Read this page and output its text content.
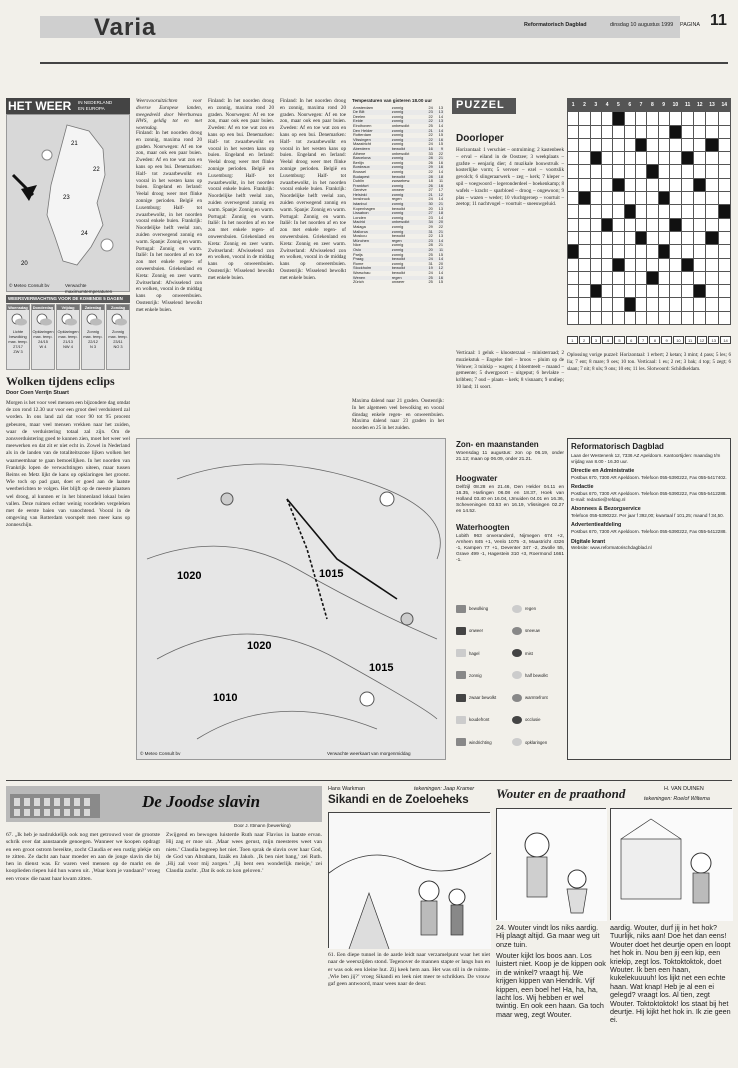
Varia	Reformatorisch Dagblad	dinsdag 10 augustus 1999 PAGINA 11
HET WEER IN NEDERLAND
EN EUROPA
21
22
23
24
20
© Meteo Consult bv	Verwachte maximumtemperaturen
WEERSVERWACHTING VOOR DE KOMENDE 5 DAGEN
Woensdag
Lichte bewolking
max. temp. 27/17
ZW 3
Donderdag
Opklaringen
max. temp. 24/15
W 4
Vrijdag
Opklaringen
max. temp. 21/13
NW 4
Zaterdag
Zonnig
max. temp. 22/12
N 3
Zondag
Zonnig
max. temp. 23/11
NO 3
Wolken tijdens eclips
Door Coen Verrijn Stuart
Morgen is het voor veel mensen een bijzondere dag omdat de zon rond 12.30 uur voor een groot deel verduisterd zal worden. In ons land zal dat voor 90 tot 95 procent gebeuren, maar veel mensen vrekken naar het zuiden, waar de verduistering totaal zal zijn. Om de zonsverduistering goed te kunnen zien, moet het weer wel meewerken en dat zit er niet echt in. Zowel in Nederland als in de landen van de totaliteitszone lijken wolken het waarneembaar te gaan bemoeilijken. In het noorden van Frankrijk lopen de verwachtingen uiteen, maar tussen Reims en Metz lijkt de kans op opklaringen het grootst. Wie toch op pad gaat, doet er goed aan de laatste weerberichten te volgen. Het blijft op de meeste plaatsen wel droog, al kunnen er in het binnenland lokaal buien vallen. Deze ruimen echter weinig voordelen vergeleken met de eerste baien van vanochtend. Vooral in de omgeving van Rotterdam voorspelt men meer kans op zonneschijn.
Weersvooruitzichten voor diverse Europese landen, meegedeeld door Weerbureau HWS, geldig tot en met woensdag.
Finland: In het noorden droog en zonnig, maxima rond 20 graden. Noorwegen: Af en toe zon, maar ook een paar buien. Zweden: Af en toe wat zon en kans op een bui. Denemarken: Half- tot zwaarbewolkt en vooral in het westen kans op buien. Engeland en Ierland: Veelal droog weer met flinke zonnige perioden. België en Luxemburg: Half- tot zwaarbewolkt, in het noorden vooral enkele buien. Frankrijk: Noordelijke helft veelal zon, zuiden overwegend zonnig en warm. Spanje: Zonnig en warm. Portugal: Zonnig en warm. Italië: In het noorden af en toe zon met enkele regen- of onweersbuien. Griekenland en Kreta: Zonnig en zeer warm. Zwitserland: Afwisselend zon en wolken, vooral in de middag kans op onweersbuien. Oostenrijk: Wisselend bewolkt met enkele buien.
Finland: In het noorden droog en zonnig, maxima rond 20 graden. Noorwegen: Af en toe zon, maar ook een paar buien. Zweden: Af en toe wat zon en kans op een bui. Denemarken: Half- tot zwaarbewolkt en vooral in het westen kans op buien. Engeland en Ierland: Veelal droog weer met flinke zonnige perioden. België en Luxemburg: Half- tot zwaarbewolkt, in het noorden vooral enkele buien. Frankrijk: Noordelijke helft veelal zon, zuiden overwegend zonnig en warm. Spanje: Zonnig en warm. Portugal: Zonnig en warm. Italië: In het noorden af en toe zon met enkele regen- of onweersbuien. Griekenland en Kreta: Zonnig en zeer warm. Zwitserland: Afwisselend zon en wolken, vooral in de middag kans op onweersbuien. Oostenrijk: Wisselend bewolkt met enkele buien.
Finland: In het noorden droog en zonnig, maxima rond 20 graden. Noorwegen: Af en toe zon, maar ook een paar buien. Zweden: Af en toe wat zon en kans op een bui. Denemarken: Half- tot zwaarbewolkt en vooral in het westen kans op buien. Engeland en Ierland: Veelal droog weer met flinke zonnige perioden. België en Luxemburg: Half- tot zwaarbewolkt, in het noorden vooral enkele buien. Frankrijk: Noordelijke helft veelal zon, zuiden overwegend zonnig en warm. Spanje: Zonnig en warm. Portugal: Zonnig en warm. Italië: In het noorden af en toe zon met enkele regen- of onweersbuien. Griekenland en Kreta: Zonnig en zeer warm. Zwitserland: Afwisselend zon en wolken, vooral in de middag kans op onweersbuien. Oostenrijk: Wisselend bewolkt met enkele buien.
Temperaturen van gisteren 18.00 uur
Amsterdam	zonnig	24	13
De Bilt	zonnig	23	13
Deelen	zonnig	22	14
Eelde	zonnig	22	13
Eindhoven	onbewolkt	25	14
Den Helder	zonnig	21	14
Rotterdam	zonnig	22	15
Vlissingen	zonnig	22	16
Maastricht	zonnig	24	15
Aberdeen	bewolkt	16	9
Athene	onbewolkt	33	22
Barcelona	zonnig	28	21
Berlijn	zonnig	26	16
Bordeaux	zonnig	29	16
Brussel	zonnig	22	14
Budapest	bewolkt	28	18
Dublin	zwaarbew.	18	11
Frankfurt	zonnig	26	16
Genève	onweer	27	17
Helsinki	zonnig	21	12
Innsbruck	regen	24	14
Istanbul	zonnig	30	21
Kopenhagen	bewolkt	20	13
Lissabon	zonnig	27	18
Londen	zonnig	23	14
Madrid	onbewolkt	34	20
Malaga	zonnig	29	22
Mallorca	zonnig	31	21
Moskou	bewolkt	22	13
München	regen	23	14
Nice	zonnig	28	21
Oslo	zonnig	20	11
Parijs	zonnig	25	15
Praag	bewolkt	24	14
Rome	zonnig	31	20
Stockholm	bewolkt	19	12
Warschau	bewolkt	24	14
Wenen	regen	25	16
Zürich	onweer	25	15
Maxima dalend naar 21 graden. Oostenrijk: In het algemeen veel bewolking en vooral dinsdag enkele regen- en onweersbuien. Maxima dalend naar 23 graden in het noorden en 25 in het zuiden.
1020
1020
1015
1015
1010
© Meteo Consult bv	Verwachte weerkaart van morgenmiddag
PUZZEL
Doorloper
Horizontaal: 1 verschiet – ontruiming; 2 kastenbeek – erval – eiland in de Oostzee; 3 weekplaats – grafste – eenjarig dier; 4 muzikale bouwstruik – kosterlijke vorm; 5 vervoer – ezel – voortslik gevolch; 6 slingeraarwerk – zeg – kerk; 7 kleper – spil – voegwoord – legeronderdeel – boekenkamp; 8 wafels – kracht – sparbloed – droog – ongewoon; 9 plas – wazen – weder; 10 vluchtgeroep – voortuit – zeetop; 11 nachtvogel – voortuit – sneeuwgeluid.
Verticaal: 1 geluk – kloosterzaal – ministerraad; 2 muziekstuk – Engelse titel – broos – pluim op de Veluwe; 3 tuinkip – wagen; 4 bloemteelt – maand – gemeente; 5 dwergpoort – uitgeput; 6 bevlakte – kribben; 7 oud – plaats – kerk; 8 visnaam; 9 ondiep; 10 land; 11 soort.
1	2	3	4	5	6	7	8	9	10	11	12	13	14

1	2	3	4	5	6	7	8	9	10	11	12	13	14
Oplossing vorige puzzel: Horizontaal: 1 erbert; 2 ketan; 3 mint; 4 pass; 5 les; 6 lia; 7 ent; 8 mare; 9 oes; 10 ton. Verticaal: 1 eu; 2 ret; 3 bak; 4 top; 5 zegt; 6 slaan; 7 nit; 8 uls; 9 ons; 10 ets; 11 les. Slotwoord: Schildkeldam.
Zon- en maanstanden
Woensdag 11 augustus: zon op 06.19, onder 21.12; maan op 06.09, onder 21.21.
Hoogwater
Delfzijl 08.28 en 21.46, Den Helder 04.11 en 16.35, Harlingen 06.08 en 18.37, Hoek van Holland 03.40 en 16.04, IJmuiden 04.01 en 16.36, Scheveningen 03.53 en 16.19, Vlissingen 02.27 en 14.52.
Waterhoogten
Lobith 963 onveranderd, Nijmegen 674 +2, Arnhem 845 +1, Venlo 1075 -3, Maastricht 4326 -1, Kampen 77 +1, Deventer 347 -2, Zwolle 55, Grave 499 -1, Hagestein 310 +3, Roermond 1661 -1.
bewolking	regen
onweer	sneeuw
hagel	mist
zonnig	half bewolkt
zwaar bewolkt	warmtefront
koudefront	occlusie
windrichting	opklaringen
Reformatorisch Dagblad
Laan der Westenenk 12, 7336 AZ Apeldoorn. Kantoortijden: maandag t/m vrijdag van 8.00 - 16.30 uur.
Directie en Administratie
Postbus 670, 7300 AR Apeldoorn. Telefoon 055-5390222, Fax 055-5417402.
Redactie
Postbus 670, 7300 AR Apeldoorn. Telefoon 055-5390222, Fax 055-5412288. E-mail: redactie@refdag.nl
Abonnees & Bezorgservice
Telefoon 055-5390222. Per jaar f 392,00; kwartaal f 101,25; maand f 34,50.
Advertentieafdeling
Postbus 670, 7300 AR Apeldoorn. Telefoon 055-5390222, Fax 055-5412288.
Digitale krant
Website: www.reformatorischdagblad.nl
De Joodse slavin
Door J. Ittmann (bewerking)
67. „Ik heb je nadrukkelijk ook nog met getrouwd voor de grootste schrik over dat aanstaande genoegen. Wanneer we koopen opdragt en een groot ostrom bereikte, zocht Claudia er een rustig plekje om te zitten. Ze dacht aan haar moeder en aan de jonge slavin die bij hen in dienst was. Er waren veel mensen op de markt en de kooplieden riepen luid hun waren uit. ‚Waar kom je vandaan?’ vroeg een vrouw die naast haar kwam zitten.
Zwijgend en bewogen luisterde Ruth naar Flavius in laatste ervan. Hij zag er moe uit. ‚Maar wees gerust, mijn meesteres weet van niets.’ Claudia begreep het niet. Toen sprak de slavin over haar God, de God van Abraham, Izaäk en Jakob. ‚Ik ben niet bang,’ zei Ruth. ‚Hij zal voor mij zorgen.’ ‚Jij bent een wonderlijk meisje,’ zei Claudia zacht. ‚Dat ik ook zo kon geloven.’
Hans Warkman	tekeningen: Jaap Kramer
Sikandi en de Zoeloeheks
61. Een diepe tunnel in de aarde leidt naar verzamelpunt waar het niet naar de weerszijden stond. Tegenover de mannen stapte er langs hun en er was ook een kleine hut. Zij keek hem aan. Het was stil in de ruimte. ‚Wie ben jij?’ vroeg Sikandi en leek niet meer te schrikken. De vrouw gaf geen antwoord, maar wees naar de deur.
Wouter en de praathond	H. VAN DUINEN
tekeningen: Roelof Wiltema
24. Wouter vindt los niks aardig. Hij plaagt altijd. Ga maar weg uit onze tuin.
Wouter kijkt los boos aan. Los luistert niet. Koop je de kippen ook in de winkel? vraagt hij. We krijgen kippen van Hendrik. Vijf kippen, een boel he! Ha, ha, ha, lacht los. Wij hebben er wel twintig. En ook een haan. Ga toch maar weg, zegt Wouter.
aardig. Wouter, durf jij in het hok? Tuurlijk, niks aan! Doe het dan eens! Wouter doet het deurtje open en loopt het hok in. Nou ben jij een kip, een kriekip, zegt los. Toktoktoktok, doet Wouter. Ik ben een haan, kukelekuuuuh! los lijkt net een echte haan. Wat knap! Heb je al een ei gelegd? vraagt los. Al tien, zegt Wouter. Toktoktoktok! los staat bij het deurtje. Hij kijkt het hok in. Ik zie geen ei.
